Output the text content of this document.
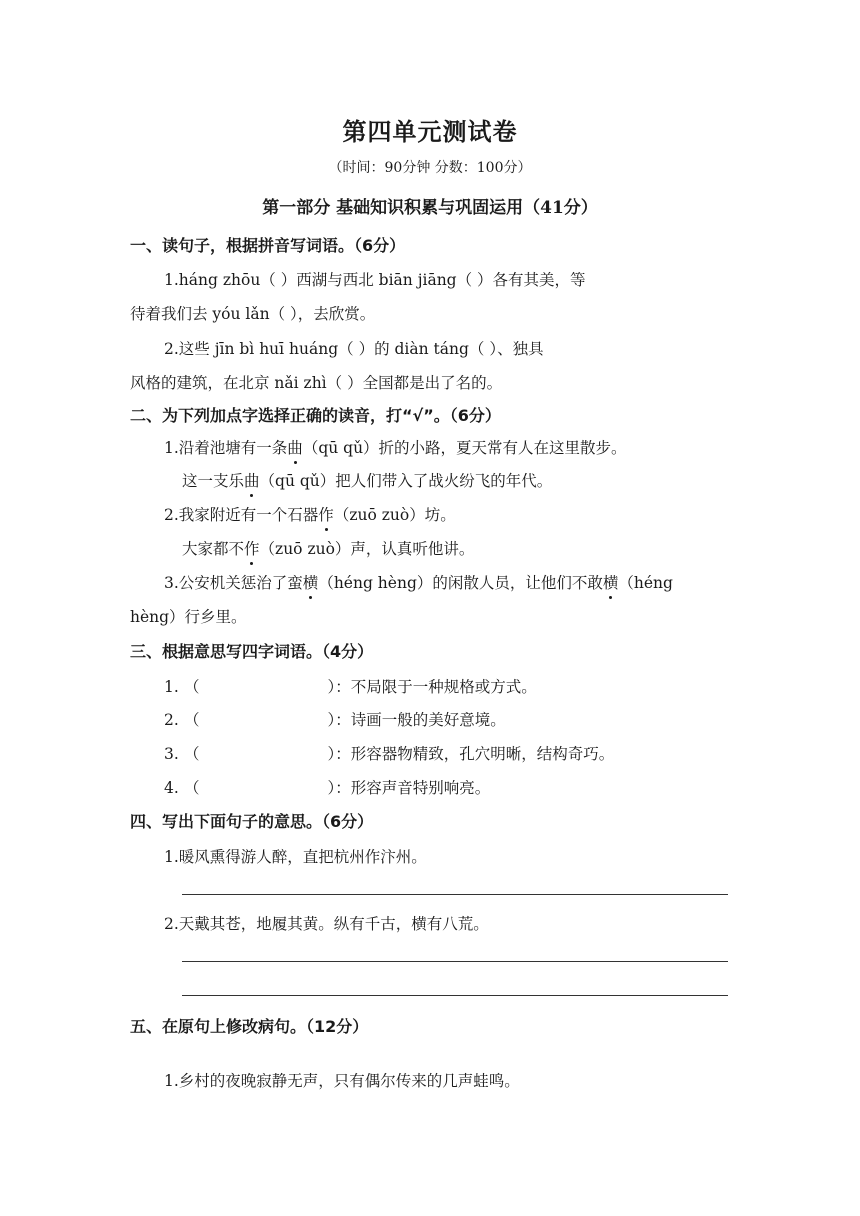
第四单元测试卷
（时间：90分钟 分数：100分）
第一部分 基础知识积累与巩固运用（41分）
一、读句子，根据拼音写词语。（6分）
1.háng zhōu（ ）西湖与西北 biān jiāng（ ）各有其美，等
待着我们去 yóu lǎn（ ），去欣赏。
2.这些 jīn bì huī huáng（ ）的 diàn táng（ ）、独具
风格的建筑，在北京 nǎi zhì（ ）全国都是出了名的。
二、为下列加点字选择正确的读音，打“√”。（6分）
1.沿着池塘有一条曲（qū qǔ）折的小路，夏天常有人在这里散步。
这一支乐曲（qū qǔ）把人们带入了战火纷飞的年代。
2.我家附近有一个石器作（zuō zuò）坊。
大家都不作（zuō zuò）声，认真听他讲。
3.公安机关惩治了蛮横（héng hèng）的闲散人员，让他们不敢横（héng
hèng）行乡里。
三、根据意思写四字词语。（4分）
1. （	）：不局限于一种规格或方式。
2. （	）：诗画一般的美好意境。
3. （	）：形容器物精致，孔穴明晰，结构奇巧。
4. （	）：形容声音特别响亮。
四、写出下面句子的意思。（6分）
1.暖风熏得游人醉，直把杭州作汴州。
2.天戴其苍，地履其黄。纵有千古，横有八荒。
五、在原句上修改病句。（12分）
1.乡村的夜晚寂静无声，只有偶尔传来的几声蛙鸣。
